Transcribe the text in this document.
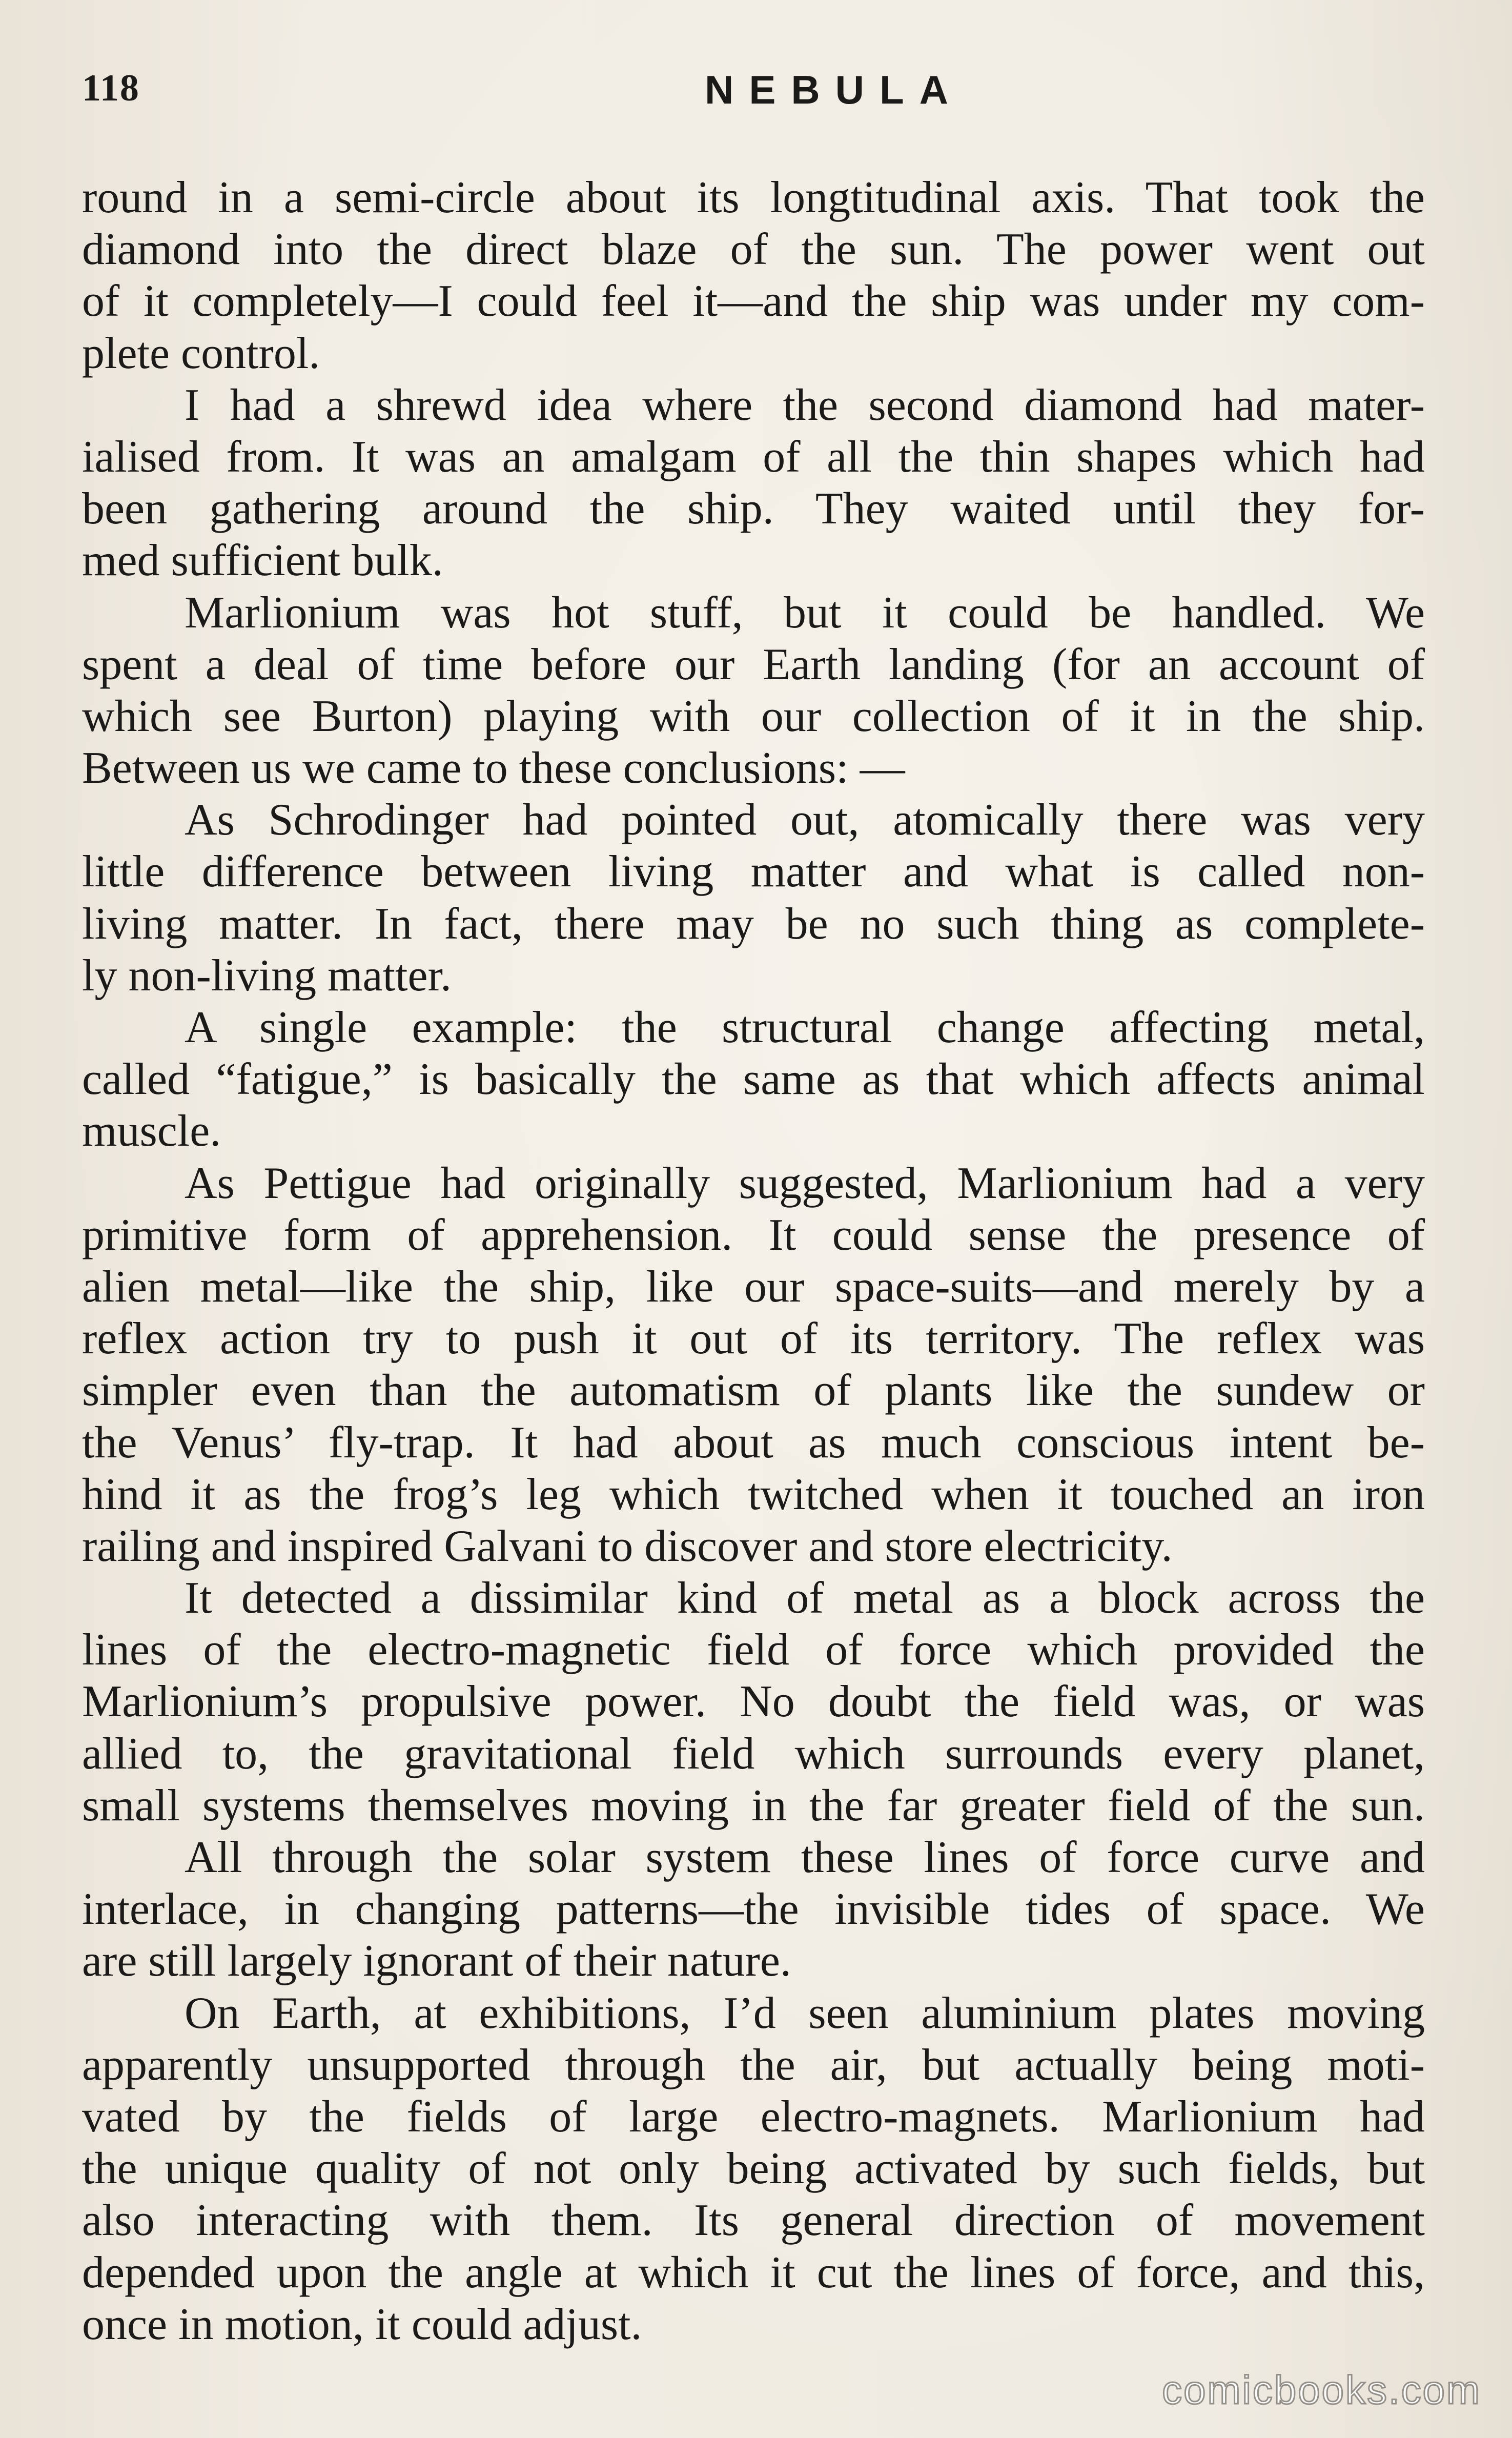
118	NEBULA
round in a semi-circle about its longtitudinal axis. That took the
diamond into the direct blaze of the sun. The power went out
of it completely—I could feel it—and the ship was under my com-
plete control.
I had a shrewd idea where the second diamond had mater-
ialised from. It was an amalgam of all the thin shapes which had
been gathering around the ship. They waited until they for-
med sufficient bulk.
Marlionium was hot stuff, but it could be handled. We
spent a deal of time before our Earth landing (for an account of
which see Burton) playing with our collection of it in the ship.
Between us we came to these conclusions: —
As Schrodinger had pointed out, atomically there was very
little difference between living matter and what is called non-
living matter. In fact, there may be no such thing as complete-
ly non-living matter.
A single example: the structural change affecting metal,
called “fatigue,” is basically the same as that which affects animal
muscle.
As Pettigue had originally suggested, Marlionium had a very
primitive form of apprehension. It could sense the presence of
alien metal—like the ship, like our space-suits—and merely by a
reflex action try to push it out of its territory. The reflex was
simpler even than the automatism of plants like the sundew or
the Venus’ fly-trap. It had about as much conscious intent be-
hind it as the frog’s leg which twitched when it touched an iron
railing and inspired Galvani to discover and store electricity.
It detected a dissimilar kind of metal as a block across the
lines of the electro-magnetic field of force which provided the
Marlionium’s propulsive power. No doubt the field was, or was
allied to, the gravitational field which surrounds every planet,
small systems themselves moving in the far greater field of the sun.
All through the solar system these lines of force curve and
interlace, in changing patterns—the invisible tides of space. We
are still largely ignorant of their nature.
On Earth, at exhibitions, I’d seen aluminium plates moving
apparently unsupported through the air, but actually being moti-
vated by the fields of large electro-magnets. Marlionium had
the unique quality of not only being activated by such fields, but
also interacting with them. Its general direction of movement
depended upon the angle at which it cut the lines of force, and this,
once in motion, it could adjust.
comicbooks.com
